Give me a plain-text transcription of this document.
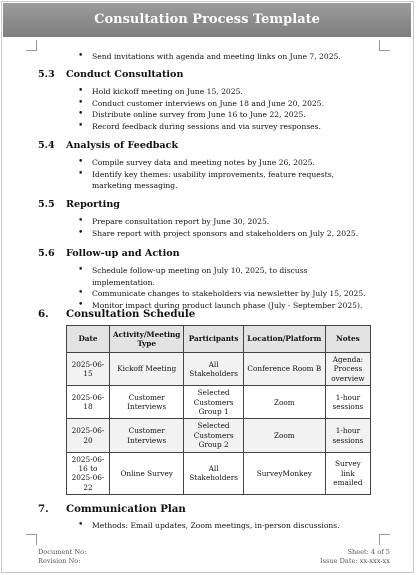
Consultation Process Template
• Send invitations with agenda and meeting links on June 7, 2025.
5.3 Conduct Consultation
• Hold kickoff meeting on June 15, 2025.
• Conduct customer interviews on June 18 and June 20, 2025.
• Distribute online survey from June 16 to June 22, 2025.
• Record feedback during sessions and via survey responses.
5.4 Analysis of Feedback
• Compile survey data and meeting notes by June 26, 2025.
• Identify key themes: usability improvements, feature requests, marketing messaging.
5.5 Reporting
• Prepare consultation report by June 30, 2025.
• Share report with project sponsors and stakeholders on July 2, 2025.
5.6 Follow-up and Action
• Schedule follow-up meeting on July 10, 2025, to discuss implementation.
• Communicate changes to stakeholders via newsletter by July 15, 2025.
• Monitor impact during product launch phase (July - September 2025).
6. Consultation Schedule
Date	Activity/Meeting Type	Participants	Location/Platform	Notes
2025-06-15	Kickoff Meeting	All Stakeholders	Conference Room B	Agenda: Process overview
2025-06-18	Customer Interviews	Selected Customers Group 1	Zoom	1-hour sessions
2025-06-20	Customer Interviews	Selected Customers Group 2	Zoom	1-hour sessions
2025-06-16 to 2025-06-22	Online Survey	All Stakeholders	SurveyMonkey	Survey link emailed
7. Communication Plan
• Methods: Email updates, Zoom meetings, in-person discussions.
Document No:
Revision No:
Sheet: 4 of 5
Issue Date: xx-xxx-xx
